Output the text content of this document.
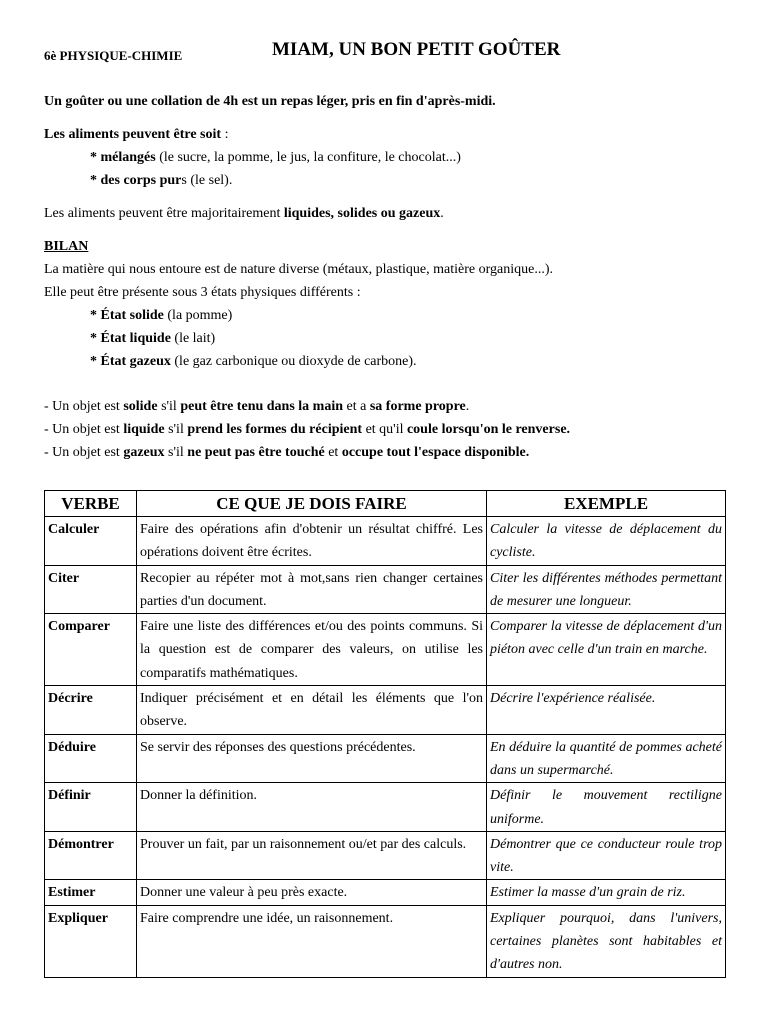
6è PHYSIQUE-CHIMIE	MIAM, UN BON PETIT GOÛTER

Un goûter ou une collation de 4h est un repas léger, pris en fin d'après-midi.

Les aliments peuvent être soit :

* mélangés (le sucre, la pomme, le jus, la confiture, le chocolat...)

* des corps purs (le sel).

Les aliments peuvent être majoritairement liquides, solides ou gazeux.

BILAN

La matière qui nous entoure est de nature diverse (métaux, plastique, matière organique...).

Elle peut être présente sous 3 états physiques différents :

* État solide (la pomme)

* État liquide (le lait)

* État gazeux (le gaz carbonique ou dioxyde de carbone).

- Un objet est solide s'il peut être tenu dans la main et a sa forme propre.

- Un objet est liquide s'il prend les formes du récipient et qu'il coule lorsqu'on le renverse.

- Un objet est gazeux s'il ne peut pas être touché et occupe tout l'espace disponible.

VERBE	CE QUE JE DOIS FAIRE	EXEMPLE
Calculer	Faire des opérations afin d'obtenir un résultat chiffré. Les opérations doivent être écrites.	Calculer la vitesse de déplacement du cycliste.
Citer	Recopier au répéter mot à mot,sans rien changer certaines parties d'un document.	Citer les différentes méthodes permettant de mesurer une longueur.
Comparer	Faire une liste des différences et/ou des points communs. Si la question est de comparer des valeurs, on utilise les comparatifs mathématiques.	Comparer la vitesse de déplacement d'un piéton avec celle d'un train en marche.
Décrire	Indiquer précisément et en détail les éléments que l'on observe.	Décrire l'expérience réalisée.
Déduire	Se servir des réponses des questions précédentes.	En déduire la quantité de pommes acheté dans un supermarché.
Définir	Donner la définition.	Définir le mouvement rectiligne uniforme.
Démontrer	Prouver un fait, par un raisonnement ou/et par des calculs.	Démontrer que ce conducteur roule trop vite.
Estimer	Donner une valeur à peu près exacte.	Estimer la masse d'un grain de riz.
Expliquer	Faire comprendre une idée, un raisonnement.	Expliquer pourquoi, dans l'univers, certaines planètes sont habitables et d'autres non.
